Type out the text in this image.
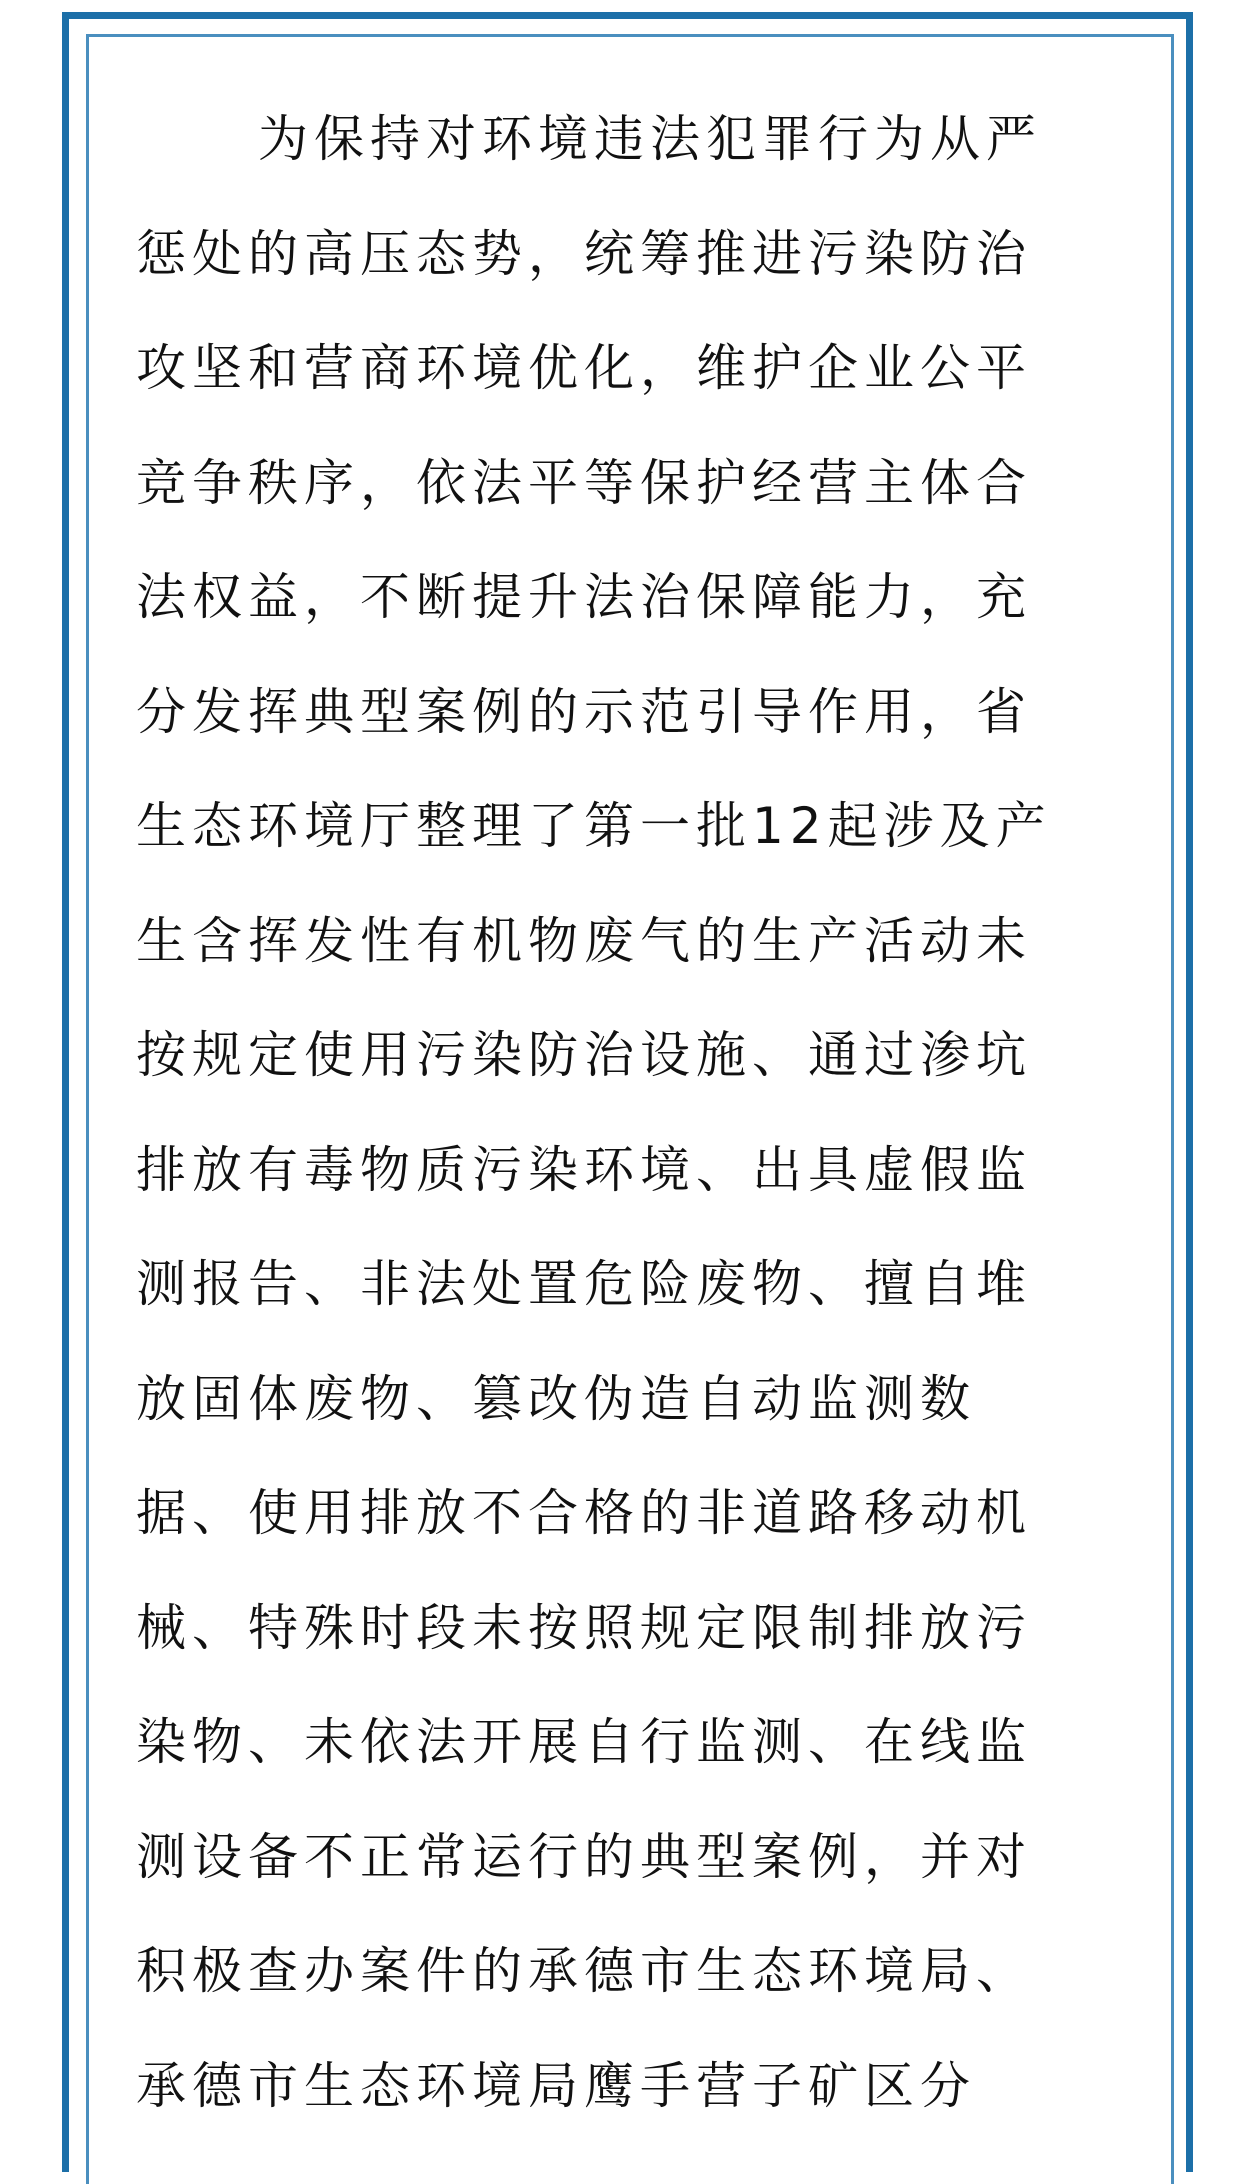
为保持对环境违法犯罪行为从严
惩处的高压态势，统筹推进污染防治
攻坚和营商环境优化，维护企业公平
竞争秩序，依法平等保护经营主体合
法权益，不断提升法治保障能力，充
分发挥典型案例的示范引导作用，省
生态环境厅整理了第一批12起涉及产
生含挥发性有机物废气的生产活动未
按规定使用污染防治设施、通过渗坑
排放有毒物质污染环境、出具虚假监
测报告、非法处置危险废物、擅自堆
放固体废物、篡改伪造自动监测数
据、使用排放不合格的非道路移动机
械、特殊时段未按照规定限制排放污
染物、未依法开展自行监测、在线监
测设备不正常运行的典型案例，并对
积极查办案件的承德市生态环境局、
承德市生态环境局鹰手营子矿区分
